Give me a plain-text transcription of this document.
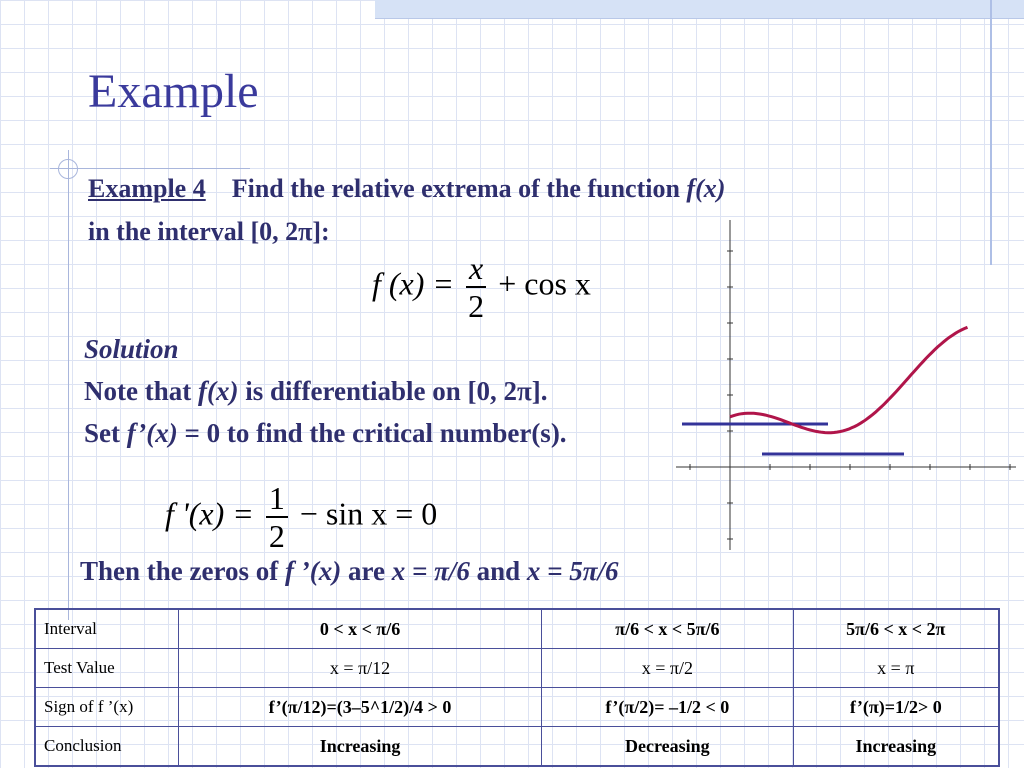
Example
Example 4 Find the relative extrema of the function f(x)
in the interval [0, 2π]:
f $(x) = \frac{x}{2} + \cos x$
Solution
Note that f(x) is differentiable on [0, 2π].
Set f’(x) = 0 to find the critical number(s).
f '$(x) = \frac{1}{2} - \sin x = 0$
Then the zeros of f ’(x) are x = π/6 and x = 5π/6
Interval	0 < x < π/6	π/6 < x < 5π/6	5π/6 < x < 2π
Test Value	x = π/12	x = π/2	x = π
Sign of f ’(x)	f’(π/12)=(3–5^1/2)/4 > 0	f’(π/2)= –1/2 < 0	f’(π)=1/2> 0
Conclusion	Increasing	Decreasing	Increasing
